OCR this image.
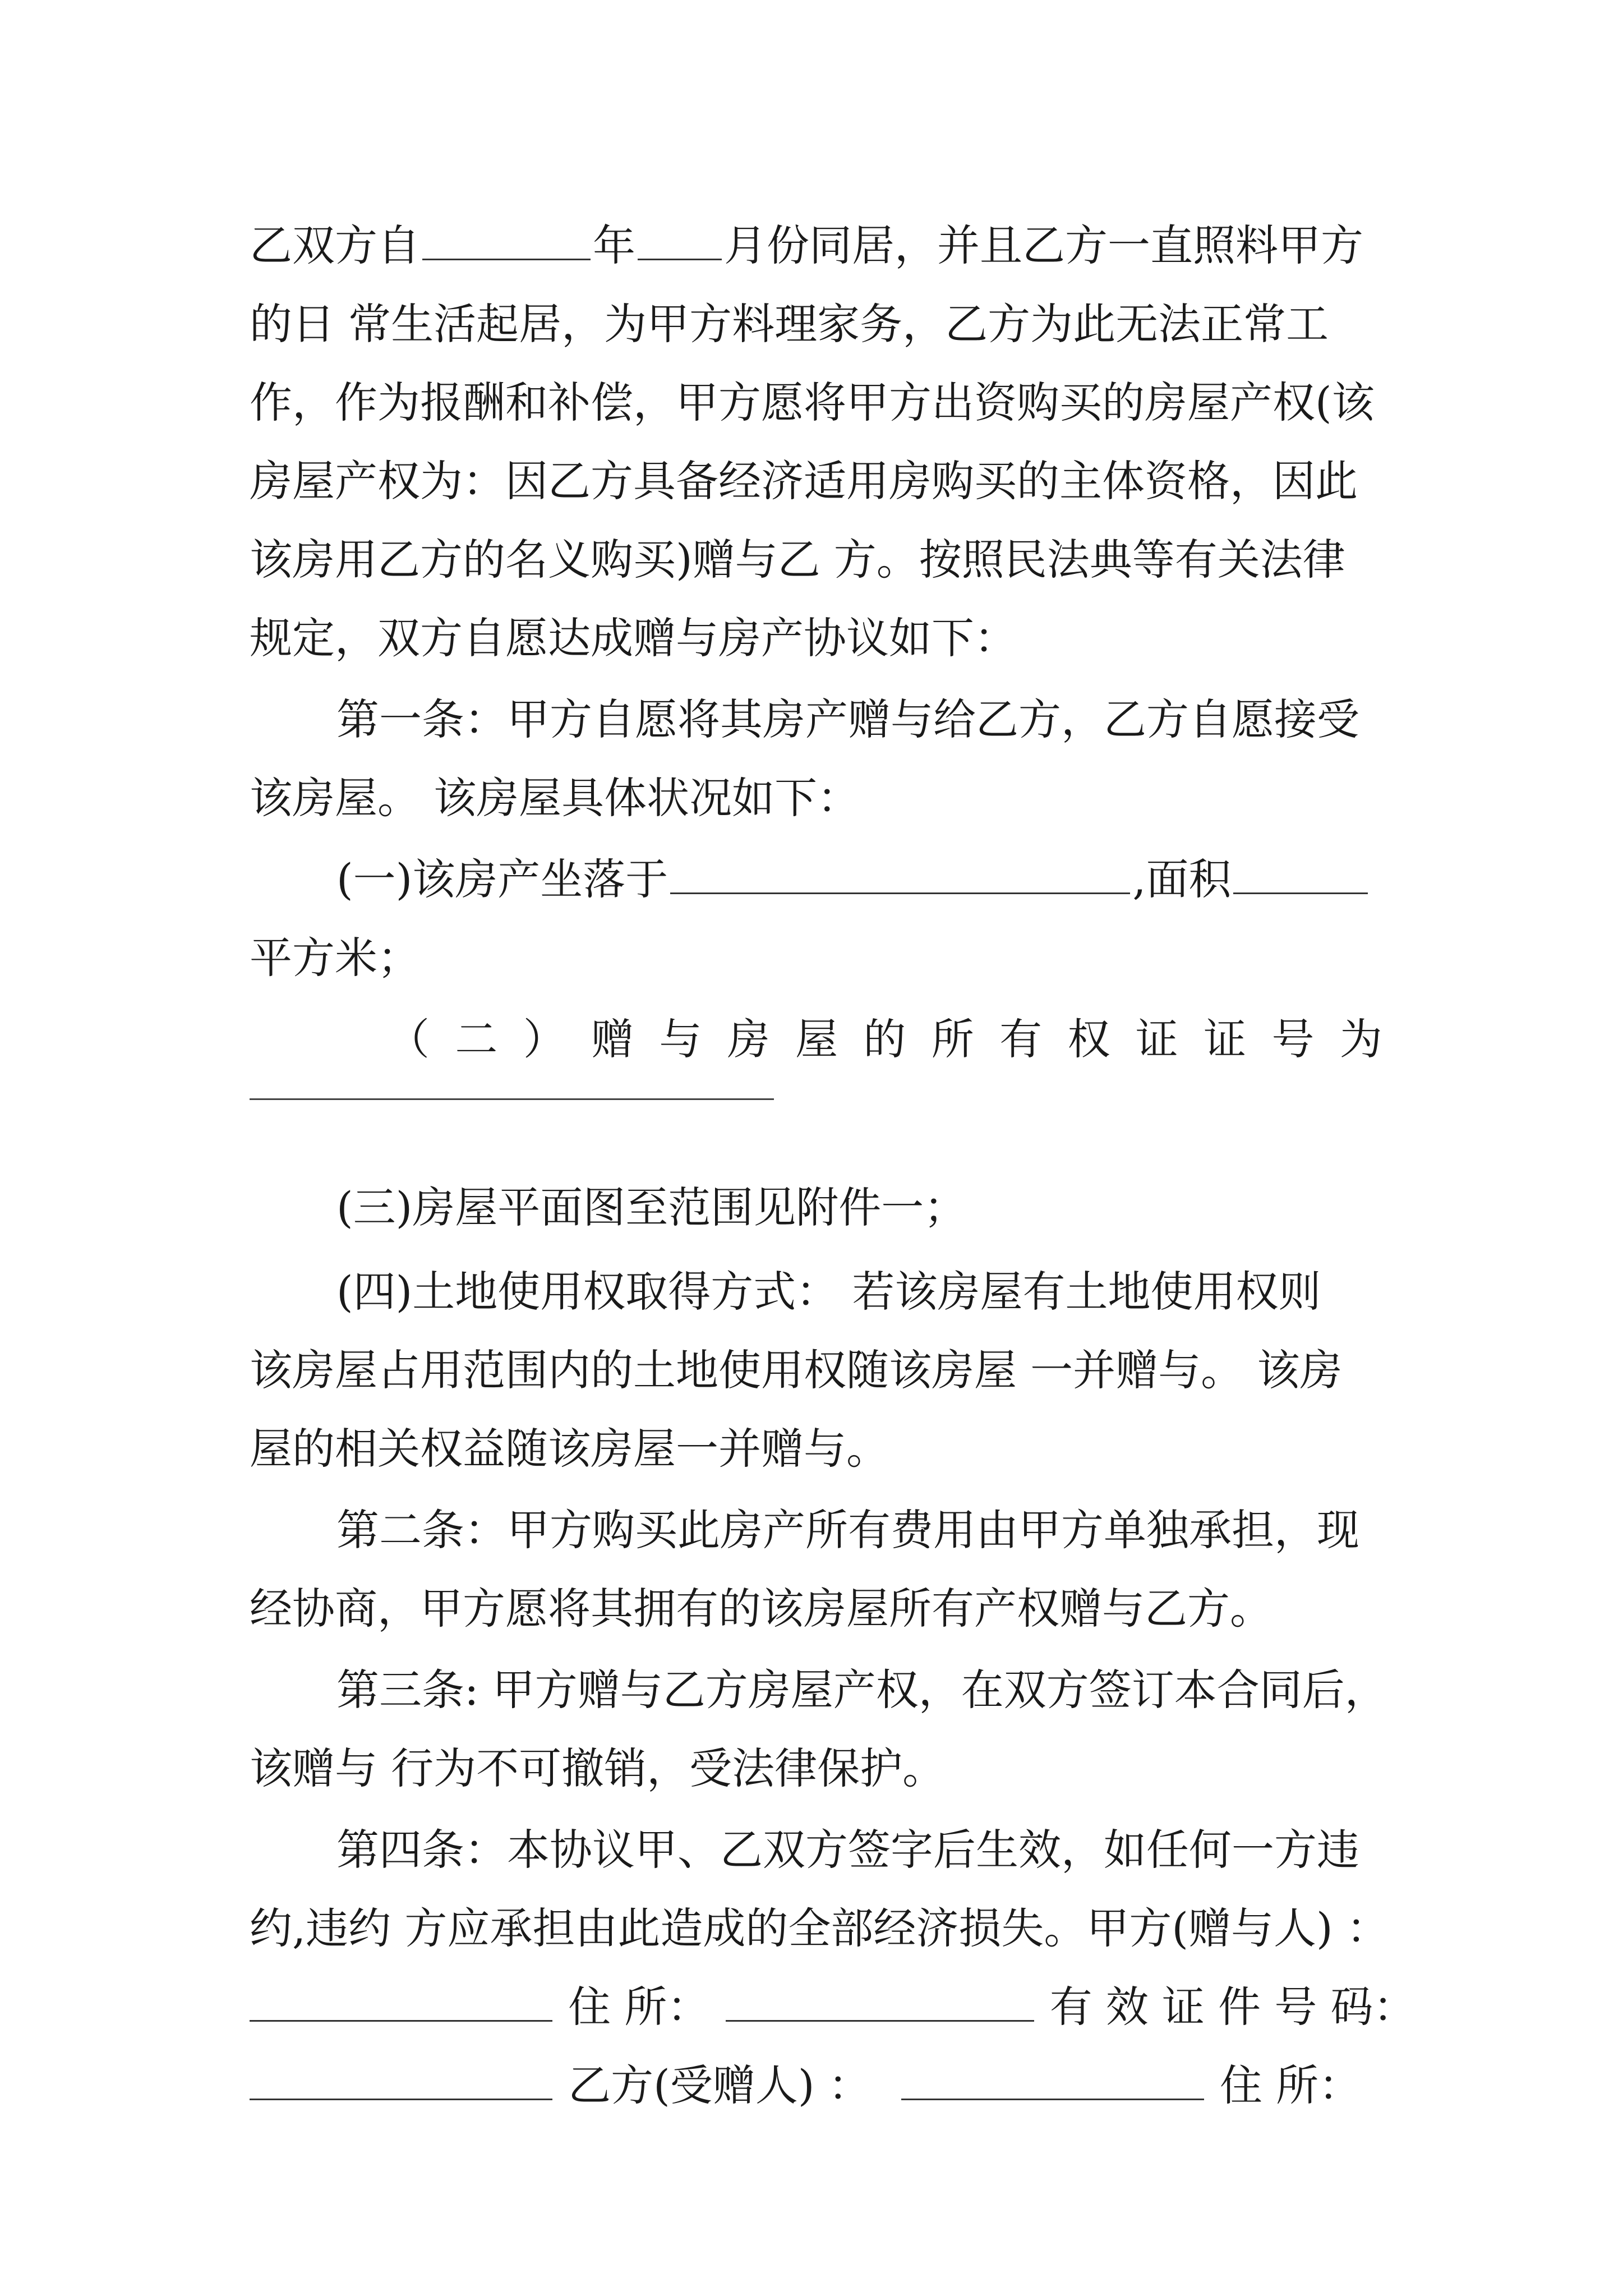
乙双方自	年 月份同居，并且乙方一直照料甲方
的日 常生活起居，为甲方料理家务，乙方为此无法正常工
作，作为报酬和补偿，甲方愿将甲方出资购买的房屋产权(该
房屋产权为：因乙方具备经济适用房购买的主体资格，因此
该房用乙方的名义购买)赠与乙 方。按照民法典等有关法律
规定，双方自愿达成赠与房产协议如下：
第一条：甲方自愿将其房产赠与给乙方，乙方自愿接受
该房屋。 该房屋具体状况如下：
(一)该房产坐落于	,面积
平方米；
（ 二 ） 赠 与 房 屋 的 所 有 权 证 证 号 为
(三)房屋平面图至范围见附件一；
(四)土地使用权取得方式： 若该房屋有土地使用权则
该房屋占用范围内的土地使用权随该房屋 一并赠与。 该房
屋的相关权益随该房屋一并赠与。
第二条：甲方购买此房产所有费用由甲方单独承担，现
经协商，甲方愿将其拥有的该房屋所有产权赠与乙方。
第三条: 甲方赠与乙方房屋产权，在双方签订本合同后，
该赠与 行为不可撤销，受法律保护。
第四条：本协议甲、乙双方签字后生效，如任何一方违
约,违约 方应承担由此造成的全部经济损失。甲方(赠与人) ：
住 所：	有 效 证 件 号 码：
乙方(受赠人) ：	住 所：
